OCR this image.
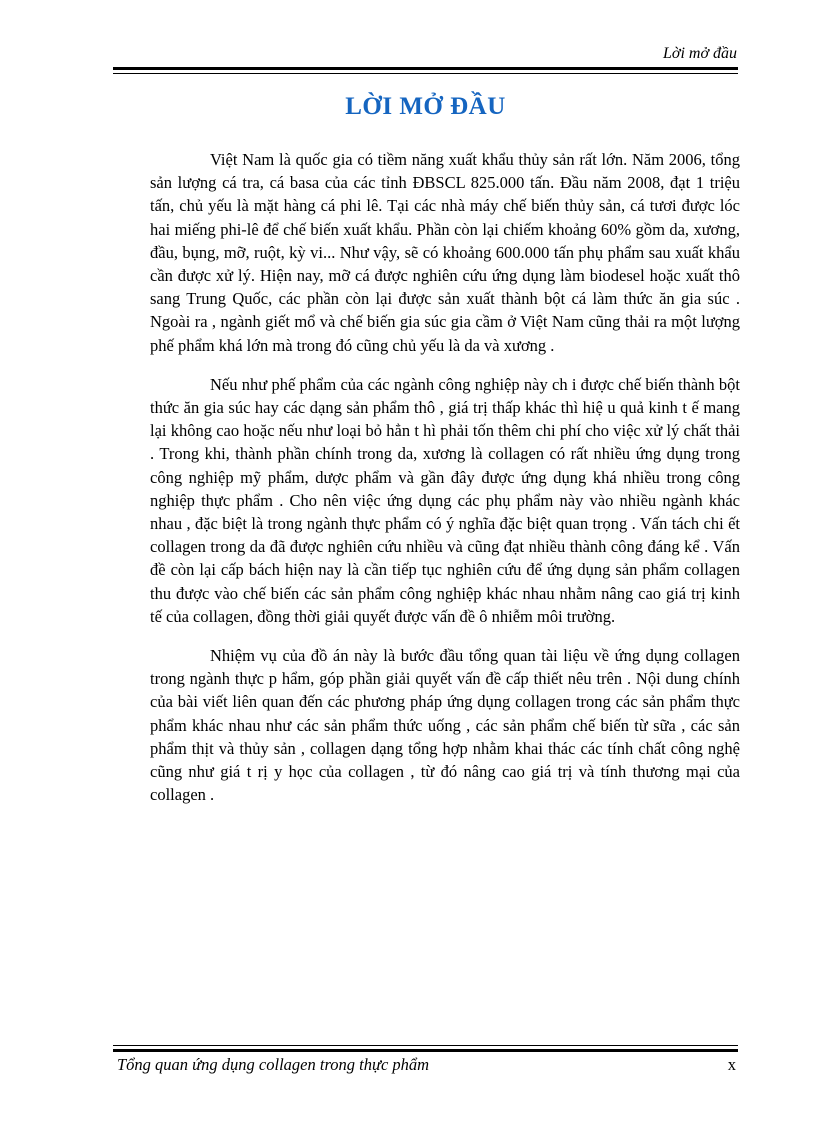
Lời mở đầu
LỜI MỞ ĐẦU

Việt Nam là quốc gia có tiềm năng xuất khẩu thủy sản rất lớn. Năm 2006, tổng sản lượng cá tra, cá basa của các tỉnh ĐBSCL 825.000 tấn. Đầu năm 2008, đạt 1 triệu tấn, chủ yếu là mặt hàng cá phi lê. Tại các nhà máy chế biến thủy sản, cá tươi được lóc hai miếng phi-lê để chế biến xuất khẩu. Phần còn lại chiếm khoảng 60% gồm da, xương, đầu, bụng, mỡ, ruột, kỳ vi... Như vậy, sẽ có khoảng 600.000 tấn phụ phẩm sau xuất khẩu cần được xử lý. Hiện nay, mỡ cá được nghiên cứu ứng dụng làm biodesel hoặc xuất thô sang Trung Quốc, các phần còn lại được sản xuất thành bột cá làm thức ăn gia súc . Ngoài ra , ngành giết mổ và chế biến gia súc gia cầm ở Việt Nam cũng thải ra một lượng phế phẩm khá lớn mà trong đó cũng chủ yếu là da và xương .

Nếu như phế phẩm của các ngành công nghiệp này ch i được chế biến thành bột thức ăn gia súc hay các dạng sản phẩm thô , giá trị thấp khác thì hiệ u quả kinh t ế mang lại không cao hoặc nếu như loại bỏ hẳn t hì phải tốn thêm chi phí cho việc xử lý chất thải . Trong khi, thành phần chính trong da, xương là collagen có rất nhiều ứng dụng trong công nghiệp mỹ phẩm, dược phẩm và gần đây được ứng dụng khá nhiều trong công nghiệp thực phẩm . Cho nên việc ứng dụng các phụ phẩm này vào nhiều ngành khác nhau , đặc biệt là trong ngành thực phẩm có ý nghĩa đặc biệt quan trọng . Vấn tách chi ết collagen trong da đã được nghiên cứu nhiều và cũng đạt nhiều thành công đáng kể . Vấn đề còn lại cấp bách hiện nay là cần tiếp tục nghiên cứu để ứng dụng sản phẩm collagen thu được vào chế biến các sản phẩm công nghiệp khác nhau nhằm nâng cao giá trị kinh tế của collagen, đồng thời giải quyết được vấn đề ô nhiễm môi trường.

Nhiệm vụ của đồ án này là bước đầu tổng quan tài liệu về ứng dụng collagen trong ngành thực p hẩm, góp phần giải quyết vấn đề cấp thiết nêu trên . Nội dung chính của bài viết liên quan đến các phương pháp ứng dụng collagen trong các sản phẩm thực phẩm khác nhau như các sản phẩm thức uống , các sản phẩm chế biến từ sữa , các sản phẩm thịt và thủy sản , collagen dạng tổng hợp nhằm khai thác các tính chất công nghệ cũng như giá t rị y học của collagen , từ đó nâng cao giá trị và tính thương mại của collagen .

Tổng quan ứng dụng collagen trong thực phẩm	x
